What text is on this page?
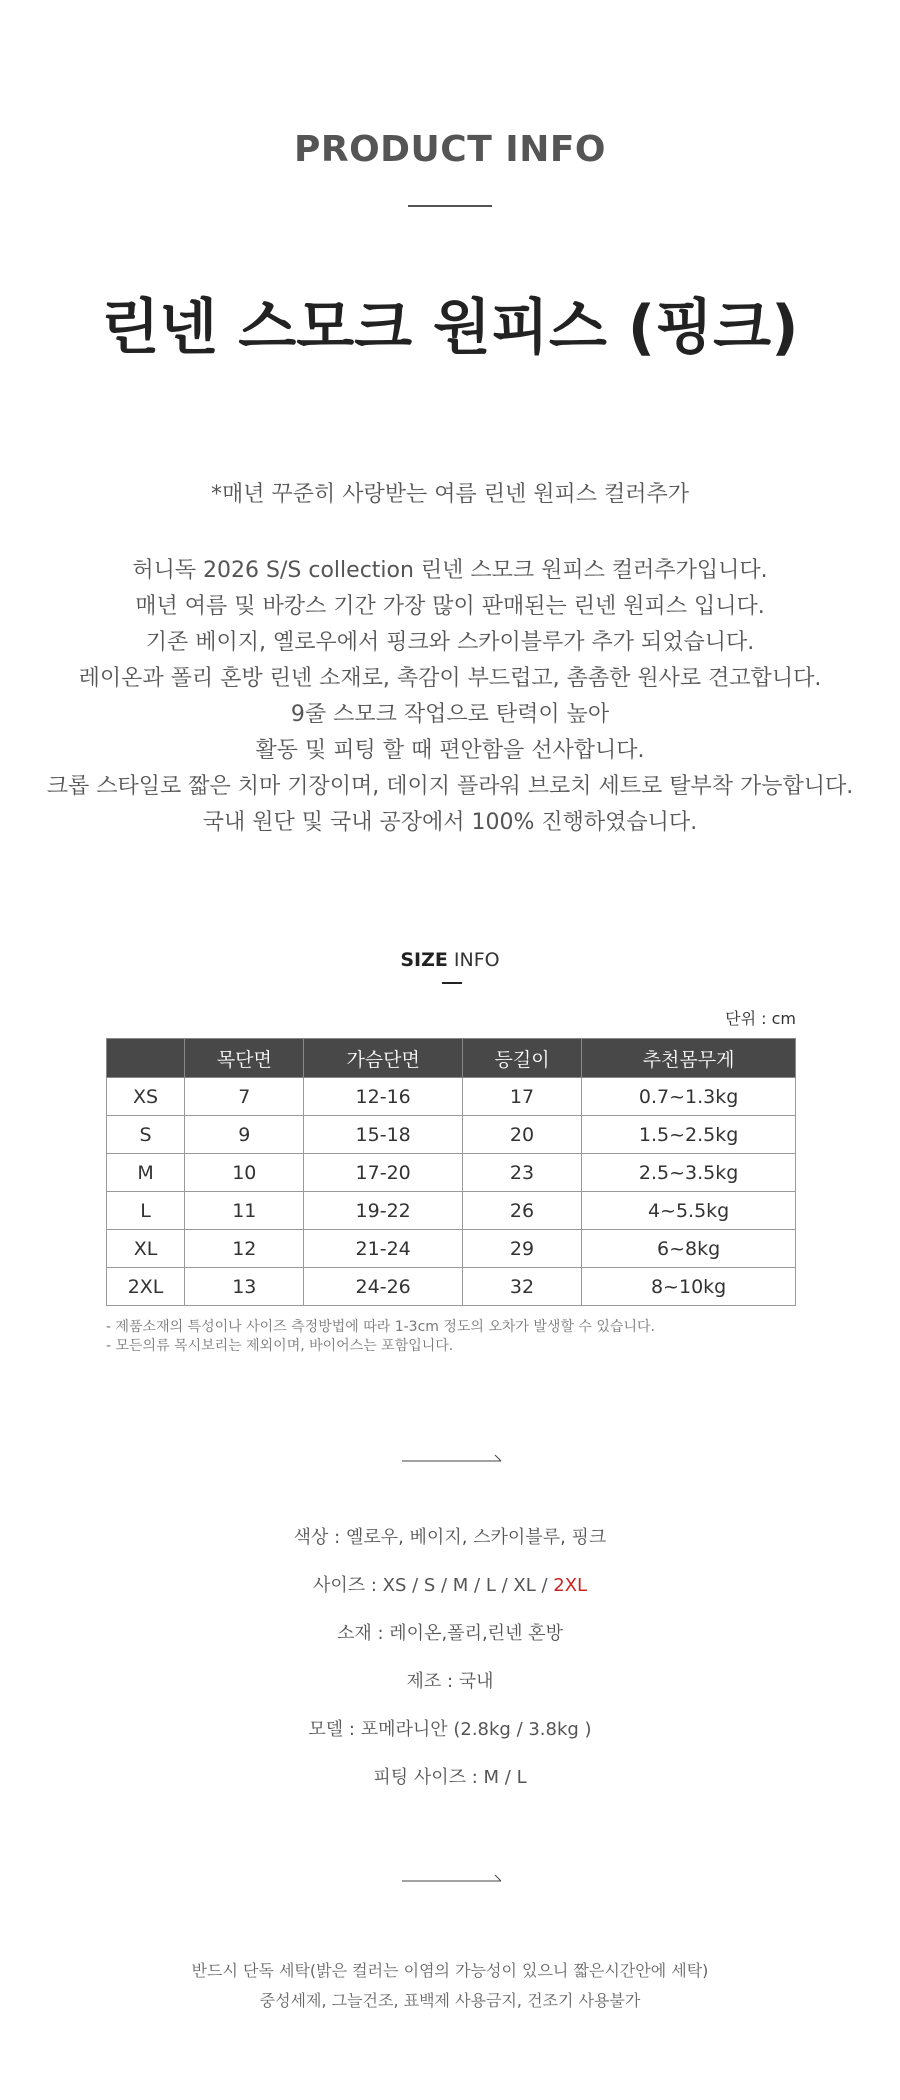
PRODUCT INFO
린넨 스모크 원피스 (핑크)
*매년 꾸준히 사랑받는 여름 린넨 원피스 컬러추가
허니독 2026 S/S collection 린넨 스모크 원피스 컬러추가입니다.
매년 여름 및 바캉스 기간 가장 많이 판매된는 린넨 원피스 입니다.
기존 베이지, 옐로우에서 핑크와 스카이블루가 추가 되었습니다.
레이온과 폴리 혼방 린넨 소재로, 촉감이 부드럽고, 촘촘한 원사로 견고합니다.
9줄 스모크 작업으로 탄력이 높아
활동 및 피팅 할 때 편안함을 선사합니다.
크롭 스타일로 짧은 치마 기장이며, 데이지 플라워 브로치 세트로 탈부착 가능합니다.
국내 원단 및 국내 공장에서 100% 진행하였습니다.
SIZE INFO
단위 : cm
	목단면	가슴단면	등길이	추천몸무게
XS	7	12-16	17	0.7~1.3kg
S	9	15-18	20	1.5~2.5kg
M	10	17-20	23	2.5~3.5kg
L	11	19-22	26	4~5.5kg
XL	12	21-24	29	6~8kg
2XL	13	24-26	32	8~10kg
- 제품소재의 특성이나 사이즈 측정방법에 따라 1-3cm 정도의 오차가 발생할 수 있습니다.
- 모든의류 목시보리는 제외이며, 바이어스는 포함입니다.
색상 : 옐로우, 베이지, 스카이블루, 핑크
사이즈 : XS / S / M / L / XL / 2XL
소재 : 레이온,폴리,린넨 혼방
제조 : 국내
모델 : 포메라니안 (2.8kg / 3.8kg )
피팅 사이즈 : M / L
반드시 단독 세탁(밝은 컬러는 이염의 가능성이 있으니 짧은시간안에 세탁)
중성세제, 그늘건조, 표백제 사용금지, 건조기 사용불가
